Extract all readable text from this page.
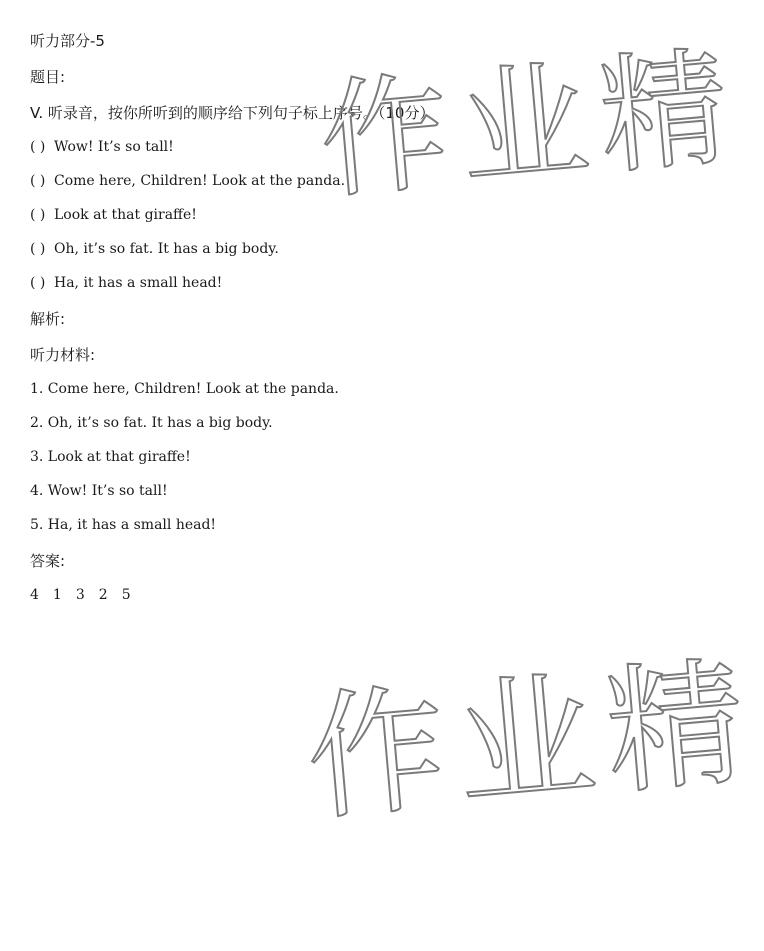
听力部分-5
题目:
V. 听录音，按你所听到的顺序给下列句子标上序号。（10分）
( ) Wow! It’s so tall!
( ) Come here, Children! Look at the panda.
( ) Look at that giraffe!
( ) Oh, it’s so fat. It has a big body.
( ) Ha, it has a small head!
解析:
听力材料:
1. Come here, Children! Look at the panda.
2. Oh, it’s so fat. It has a big body.
3. Look at that giraffe!
4. Wow! It’s so tall!
5. Ha, it has a small head!
答案:
4 1 3 2 5
作业精
作业精
